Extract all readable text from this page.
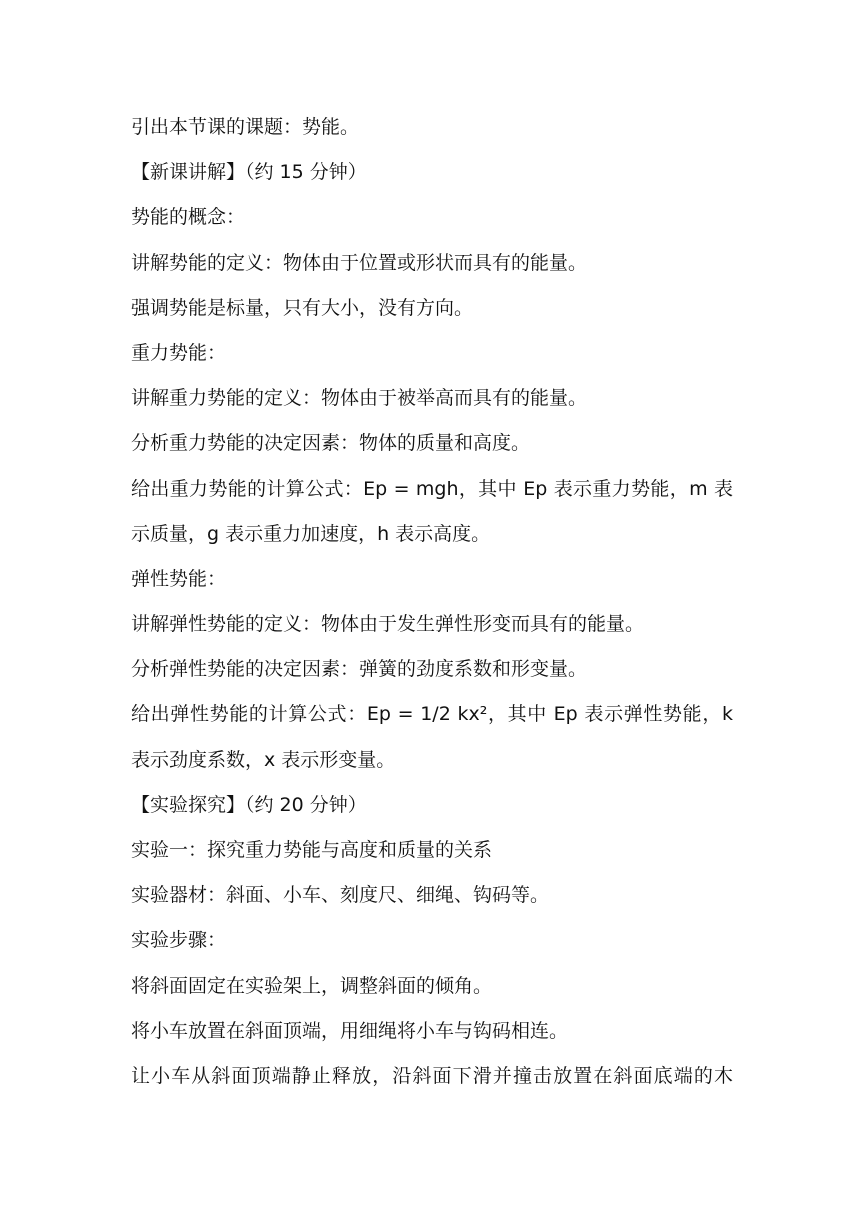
引出本节课的课题：势能。
【新课讲解】（约 15 分钟）
势能的概念：
讲解势能的定义：物体由于位置或形状而具有的能量。
强调势能是标量，只有大小，没有方向。
重力势能：
讲解重力势能的定义：物体由于被举高而具有的能量。
分析重力势能的决定因素：物体的质量和高度。
给出重力势能的计算公式：Ep = mgh，其中 Ep 表示重力势能，m 表
示质量，g 表示重力加速度，h 表示高度。
弹性势能：
讲解弹性势能的定义：物体由于发生弹性形变而具有的能量。
分析弹性势能的决定因素：弹簧的劲度系数和形变量。
给出弹性势能的计算公式：Ep = 1/2 kx²，其中 Ep 表示弹性势能，k
表示劲度系数，x 表示形变量。
【实验探究】（约 20 分钟）
实验一：探究重力势能与高度和质量的关系
实验器材：斜面、小车、刻度尺、细绳、钩码等。
实验步骤：
将斜面固定在实验架上，调整斜面的倾角。
将小车放置在斜面顶端，用细绳将小车与钩码相连。
让小车从斜面顶端静止释放，沿斜面下滑并撞击放置在斜面底端的木
